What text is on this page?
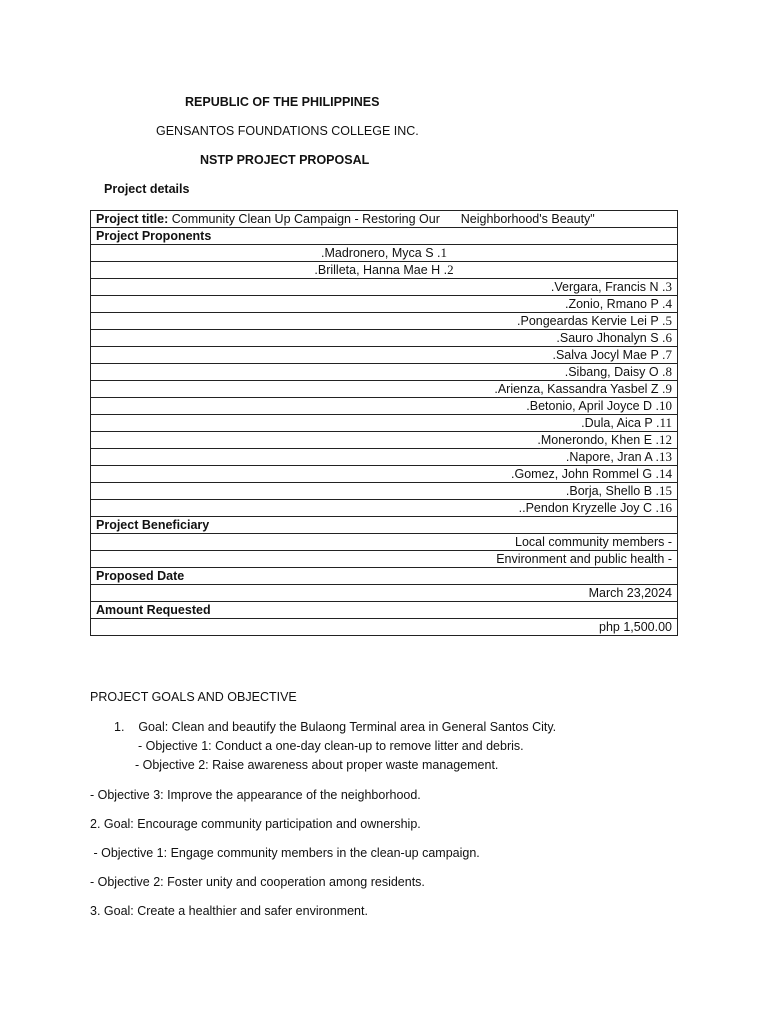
REPUBLIC OF THE PHILIPPINES
GENSANTOS FOUNDATIONS COLLEGE INC.
NSTP PROJECT PROPOSAL
Project details
Project title: Community Clean Up Campaign - Restoring Our      Neighborhood's Beauty"
Project Proponents
.Madronero, Myca S .1
.Brilleta, Hanna Mae H .2
.Vergara, Francis N .3
.Zonio, Rmano P .4
.Pongeardas Kervie Lei P .5
.Sauro Jhonalyn S .6
.Salva Jocyl Mae P .7
.Sibang, Daisy O .8
.Arienza, Kassandra Yasbel Z .9
.Betonio, April Joyce D .10
.Dula, Aica P .11
.Monerondo, Khen E .12
.Napore, Jran A .13
.Gomez, John Rommel G .14
.Borja, Shello B .15
..Pendon Kryzelle Joy C .16
Project Beneficiary
Local community members -
Environment and public health -
Proposed Date
March 23,2024
Amount Requested
php 1,500.00

PROJECT GOALS AND OBJECTIVE

1.    Goal: Clean and beautify the Bulaong Terminal area in General Santos City.

- Objective 1: Conduct a one-day clean-up to remove litter and debris.

- Objective 2: Raise awareness about proper waste management.

- Objective 3: Improve the appearance of the neighborhood.

2. Goal: Encourage community participation and ownership.

- Objective 1: Engage community members in the clean-up campaign.

- Objective 2: Foster unity and cooperation among residents.

3. Goal: Create a healthier and safer environment.
